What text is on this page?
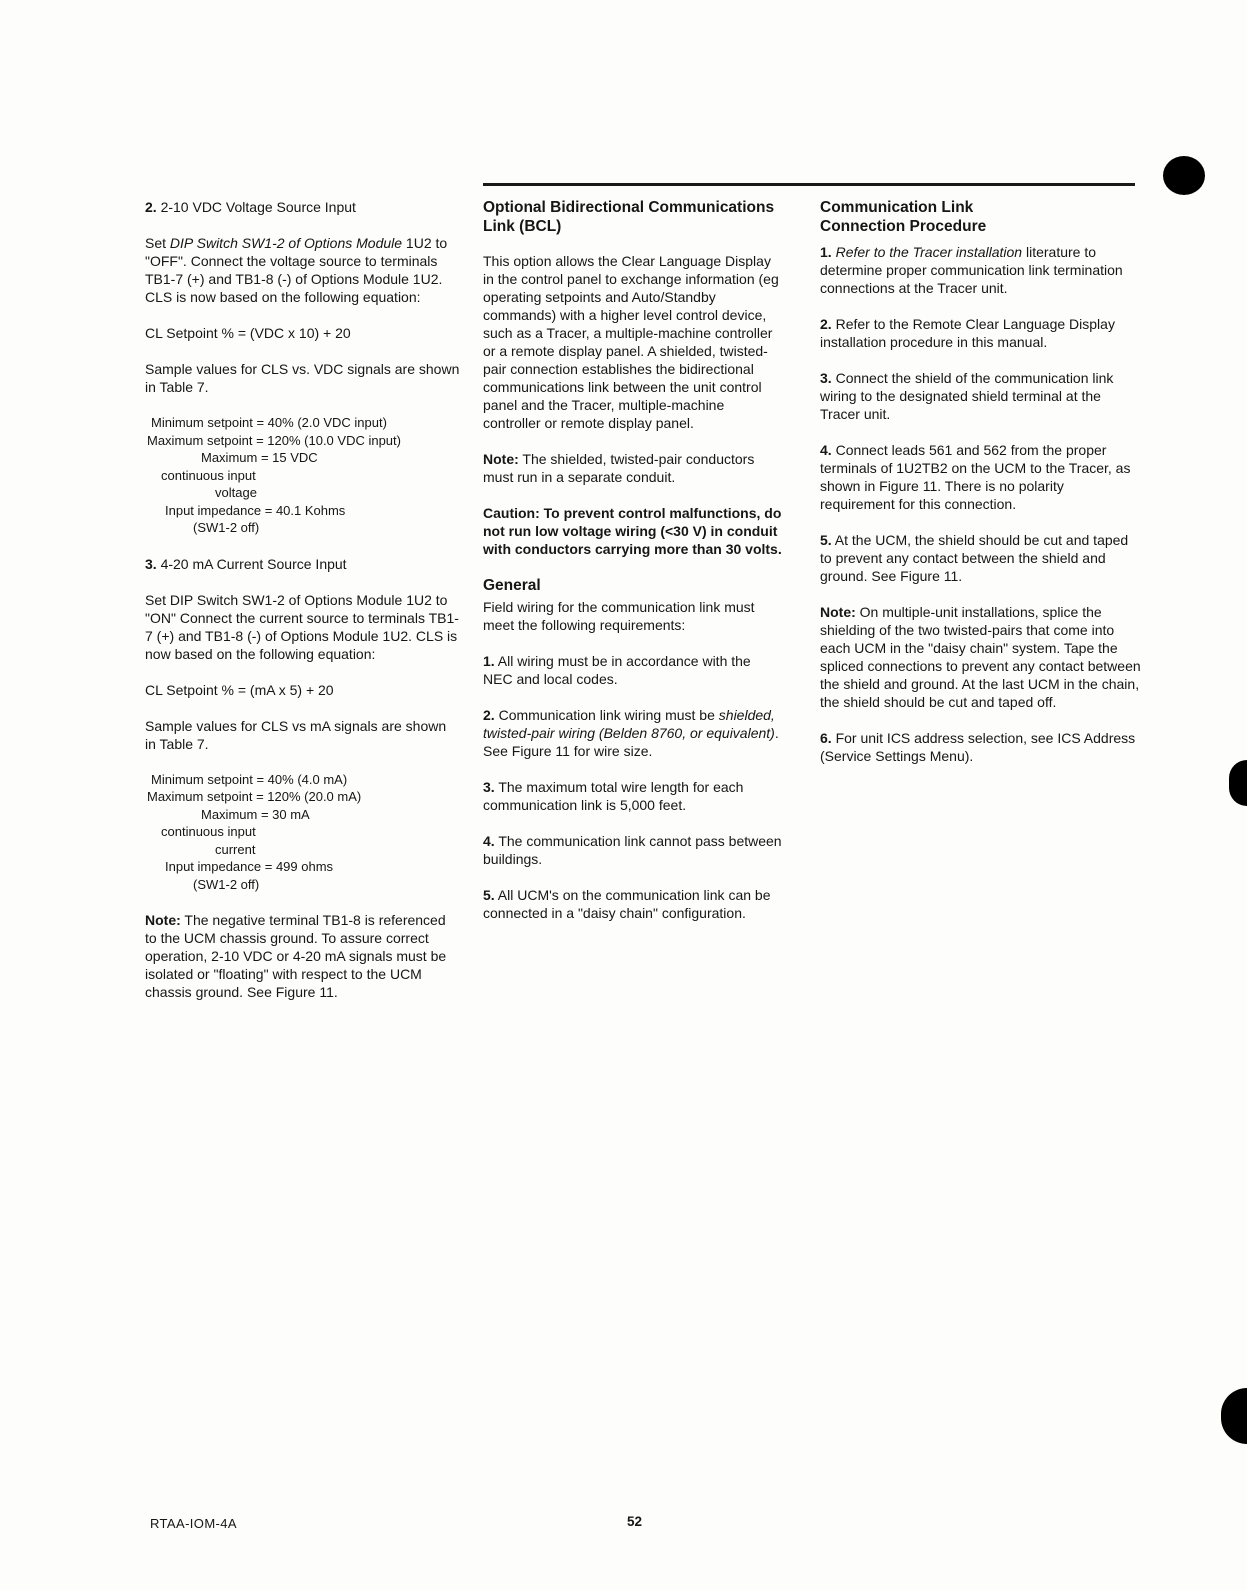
2. 2-10 VDC Voltage Source Input

Set DIP Switch SW1-2 of Options Module 1U2 to "OFF". Connect the voltage source to terminals TB1-7 (+) and TB1-8 (-) of Options Module 1U2. CLS is now based on the following equation:

CL Setpoint % = (VDC x 10) + 20

Sample values for CLS vs. VDC signals are shown in Table 7.

Minimum setpoint = 40% (2.0 VDC input)
Maximum setpoint = 120% (10.0 VDC input)
Maximum = 15 VDC
continuous input
voltage
Input impedance = 40.1 Kohms
(SW1-2 off)

3. 4-20 mA Current Source Input

Set DIP Switch SW1-2 of Options Module 1U2 to "ON" Connect the current source to terminals TB1-7 (+) and TB1-8 (-) of Options Module 1U2. CLS is now based on the following equation:

CL Setpoint % = (mA x 5) + 20

Sample values for CLS vs mA signals are shown in Table 7.

Minimum setpoint = 40% (4.0 mA)
Maximum setpoint = 120% (20.0 mA)
Maximum = 30 mA
continuous input
current
Input impedance = 499 ohms
(SW1-2 off)

Note: The negative terminal TB1-8 is referenced to the UCM chassis ground. To assure correct operation, 2-10 VDC or 4-20 mA signals must be isolated or "floating" with respect to the UCM chassis ground. See Figure 11.

Optional Bidirectional Communications Link (BCL)

This option allows the Clear Language Display in the control panel to exchange information (eg operating setpoints and Auto/Standby commands) with a higher level control device, such as a Tracer, a multiple-machine controller or a remote display panel. A shielded, twisted-pair connection establishes the bidirectional communications link between the unit control panel and the Tracer, multiple-machine controller or remote display panel.

Note: The shielded, twisted-pair conductors must run in a separate conduit.

Caution: To prevent control malfunctions, do not run low voltage wiring (<30 V) in conduit with conductors carrying more than 30 volts.

General

Field wiring for the communication link must meet the following requirements:

1. All wiring must be in accordance with the NEC and local codes.

2. Communication link wiring must be shielded, twisted-pair wiring (Belden 8760, or equivalent). See Figure 11 for wire size.

3. The maximum total wire length for each communication link is 5,000 feet.

4. The communication link cannot pass between buildings.

5. All UCM's on the communication link can be connected in a "daisy chain" configuration.

Communication Link Connection Procedure

1. Refer to the Tracer installation literature to determine proper communication link termination connections at the Tracer unit.

2. Refer to the Remote Clear Language Display installation procedure in this manual.

3. Connect the shield of the communication link wiring to the designated shield terminal at the Tracer unit.

4. Connect leads 561 and 562 from the proper terminals of 1U2TB2 on the UCM to the Tracer, as shown in Figure 11. There is no polarity requirement for this connection.

5. At the UCM, the shield should be cut and taped to prevent any contact between the shield and ground. See Figure 11.

Note: On multiple-unit installations, splice the shielding of the two twisted-pairs that come into each UCM in the "daisy chain" system. Tape the spliced connections to prevent any contact between the shield and ground. At the last UCM in the chain, the shield should be cut and taped off.

6. For unit ICS address selection, see ICS Address (Service Settings Menu).

RTAA-IOM-4A	52
